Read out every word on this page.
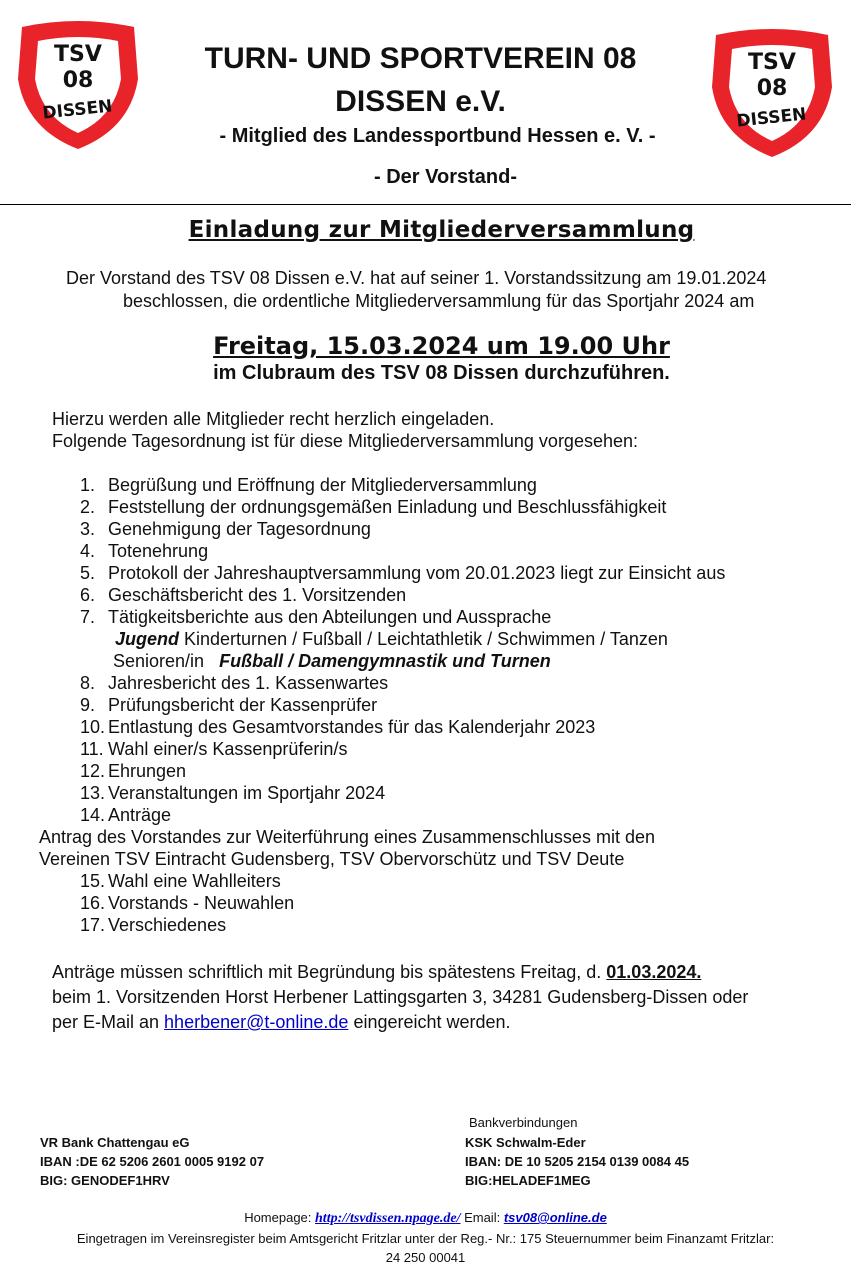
TSV
08
DISSEN
TSV
08
DISSEN
TURN- UND SPORTVEREIN 08
DISSEN e.V.
- Mitglied des Landessportbund Hessen e. V. -
- Der Vorstand-
Einladung zur Mitgliederversammlung
Der Vorstand des TSV 08 Dissen e.V. hat auf seiner 1. Vorstandssitzung am 19.01.2024
beschlossen, die ordentliche Mitgliederversammlung für das Sportjahr 2024 am
Freitag, 15.03.2024 um 19.00 Uhr
im Clubraum des TSV 08 Dissen durchzuführen.
Hierzu werden alle Mitglieder recht herzlich eingeladen.
Folgende Tagesordnung ist für diese Mitgliederversammlung vorgesehen:
1. Begrüßung und Eröffnung der Mitgliederversammlung
2. Feststellung der ordnungsgemäßen Einladung und Beschlussfähigkeit
3. Genehmigung der Tagesordnung
4. Totenehrung
5. Protokoll der Jahreshauptversammlung vom 20.01.2023 liegt zur Einsicht aus
6. Geschäftsbericht des 1. Vorsitzenden
7. Tätigkeitsberichte aus den Abteilungen und Aussprache
Jugend Kinderturnen / Fußball / Leichtathletik / Schwimmen / Tanzen
Senioren/in Fußball / Damengymnastik und Turnen
8. Jahresbericht des 1. Kassenwartes
9. Prüfungsbericht der Kassenprüfer
10. Entlastung des Gesamtvorstandes für das Kalenderjahr 2023
11. Wahl einer/s Kassenprüferin/s
12. Ehrungen
13. Veranstaltungen im Sportjahr 2024
14. Anträge
Antrag des Vorstandes zur Weiterführung eines Zusammenschlusses mit den
Vereinen TSV Eintracht Gudensberg, TSV Obervorschütz und TSV Deute
15. Wahl eine Wahlleiters
16. Vorstands - Neuwahlen
17. Verschiedenes
Anträge müssen schriftlich mit Begründung bis spätestens Freitag, d. 01.03.2024.
beim 1. Vorsitzenden Horst Herbener Lattingsgarten 3, 34281 Gudensberg-Dissen oder
per E-Mail an hherbener@t-online.de eingereicht werden.
Bankverbindungen
VR Bank Chattengau eG
IBAN :DE 62 5206 2601 0005 9192 07
BIG: GENODEF1HRV
KSK Schwalm-Eder
IBAN: DE 10 5205 2154 0139 0084 45
BIG:HELADEF1MEG
Homepage: http://tsvdissen.npage.de/ Email: tsv08@online.de
Eingetragen im Vereinsregister beim Amtsgericht Fritzlar unter der Reg.- Nr.: 175 Steuernummer beim Finanzamt Fritzlar:
24 250 00041
